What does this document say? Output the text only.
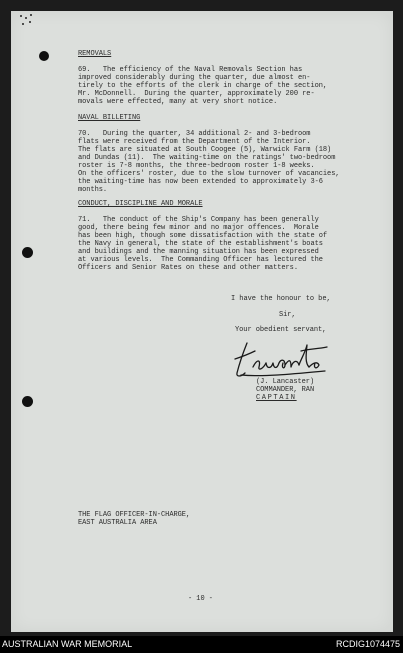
REMOVALS
69.   The efficiency of the Naval Removals Section has
improved considerably during the quarter, due almost en-
tirely to the efforts of the clerk in charge of the section,
Mr. McDonnell.  During the quarter, approximately 200 re-
movals were effected, many at very short notice.
NAVAL BILLETING
70.   During the quarter, 34 additional 2- and 3-bedroom
flats were received from the Department of the Interior.
The flats are situated at South Coogee (5), Warwick Farm (18)
and Dundas (11).  The waiting-time on the ratings' two-bedroom
roster is 7-8 months, the three-bedroom roster 1-8 weeks.
On the officers' roster, due to the slow turnover of vacancies,
the waiting-time has now been extended to approximately 3-6
months.
CONDUCT, DISCIPLINE AND MORALE
71.   The conduct of the Ship's Company has been generally
good, there being few minor and no major offences.  Morale
has been high, though some dissatisfaction with the state of
the Navy in general, the state of the establishment's boats
and buildings and the manning situation has been expressed
at various levels.  The Commanding Officer has lectured the
Officers and Senior Rates on these and other matters.
I have the honour to be,
Sir,
Your obedient servant,
(J. Lancaster)
COMMANDER, RAN
CAPTAIN
THE FLAG OFFICER-IN-CHARGE,
EAST AUSTRALIA AREA
- 10 -
AUSTRALIAN WAR MEMORIAL	RCDIG1074475
